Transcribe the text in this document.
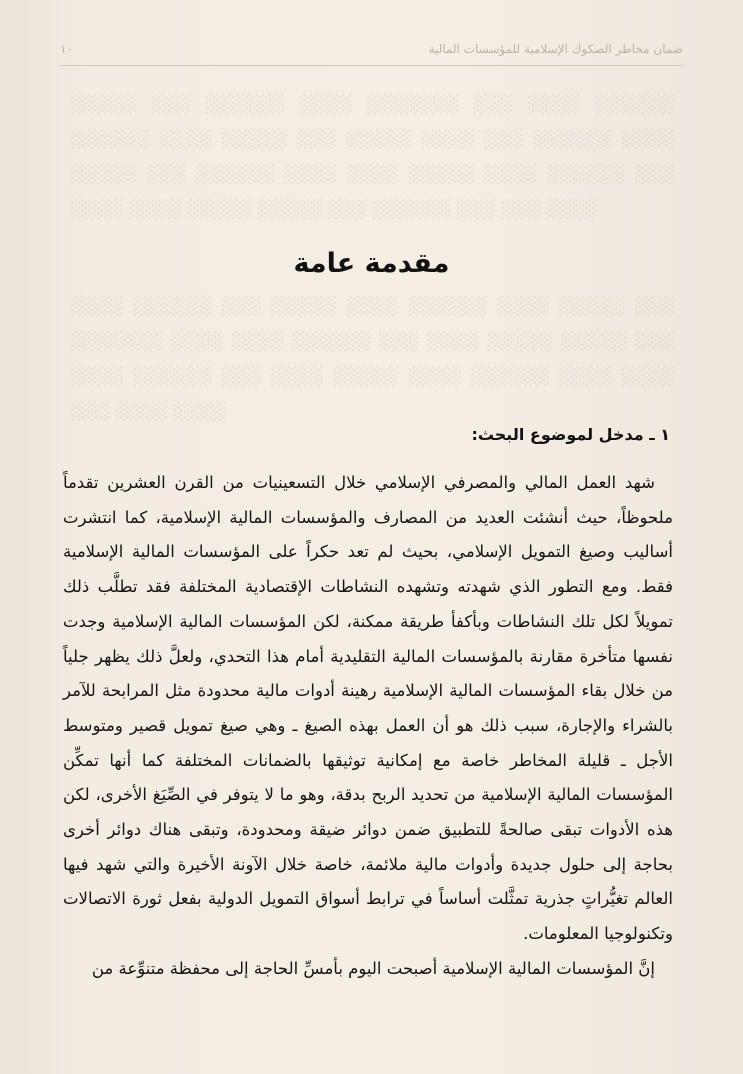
ضمان مخاطر الصكوك الإسلامية للمؤسسات المالية
١٠
░░░░░ ░░░ ░░░░░░ ░░░░ ░░░░░░░ ░░░ ░░░░ ░░░░░░ ░░░░░░ ░░░░ ░░░░░ ░░░ ░░░░░ ░░░░ ░░░ ░░░░░░ ░░░░ ░░░░░ ░░░ ░░░░░░ ░░░░ ░░░░ ░░░░░ ░░░░ ░░░░░░ ░░░ ░░░░ ░░░░ ░░░░░ ░░░░░ ░░░ ░░░░░░ ░░░ ░░░ ░░░░
مقدمة عامة
░░░░ ░░░░░░ ░░░ ░░░░░ ░░░░ ░░░░░░ ░░░░ ░░░░░ ░░░ ░░░░░░░ ░░░░ ░░░░ ░░░░░░ ░░░ ░░░░ ░░░░░ ░░░░░ ░░░ ░░░░ ░░░░░░ ░░░ ░░░░ ░░░░░ ░░░░ ░░░░░░ ░░░░ ░░░░ ░░░ ░░░░ ░░░░
١ ـ مدخل لموضوع البحث:

شهد العمل المالي والمصرفي الإسلامي خلال التسعينيات من القرن العشرين تقدماً ملحوظاً، حيث أنشئت العديد من المصارف والمؤسسات المالية الإسلامية، كما انتشرت أساليب وصيغ التمويل الإسلامي، بحيث لم تعد حكراً على المؤسسات المالية الإسلامية فقط. ومع التطور الذي شهدته وتشهده النشاطات الإقتصادية المختلفة فقد تطلَّب ذلك تمويلاً لكل تلك النشاطات وبأكفأ طريقة ممكنة، لكن المؤسسات المالية الإسلامية وجدت نفسها متأخرة مقارنة بالمؤسسات المالية التقليدية أمام هذا التحدي، ولعلَّ ذلك يظهر جلياً من خلال بقاء المؤسسات المالية الإسلامية رهينة أدوات مالية محدودة مثل المرابحة للآمر بالشراء والإجارة، سبب ذلك هو أن العمل بهذه الصيغ ـ وهي صيغ تمويل قصير ومتوسط الأجل ـ قليلة المخاطر خاصة مع إمكانية توثيقها بالضمانات المختلفة كما أنها تمكِّن المؤسسات المالية الإسلامية من تحديد الربح بدقة، وهو ما لا يتوفر في الصِّيَغ الأخرى، لكن هذه الأدوات تبقى صالحةً للتطبيق ضمن دوائر ضيقة ومحدودة، وتبقى هناك دوائر أخرى بحاجة إلى حلول جديدة وأدوات مالية ملائمة، خاصة خلال الآونة الأخيرة والتي شهد فيها العالم تغيُّراتٍ جذرية تمثَّلت أساساً في ترابط أسواق التمويل الدولية بفعل ثورة الاتصالات وتكنولوجيا المعلومات.

إنَّ المؤسسات المالية الإسلامية أصبحت اليوم بأمسِّ الحاجة إلى محفظة متنوِّعة من
